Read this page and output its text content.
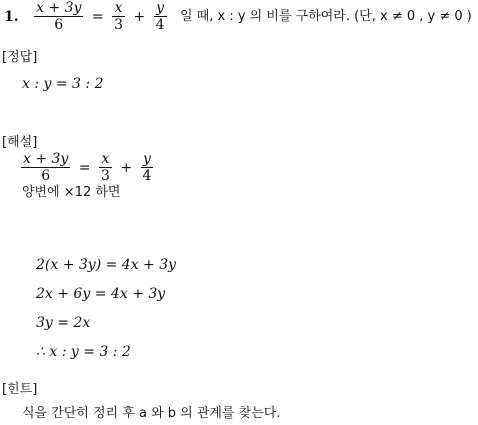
1. $\frac{x + 3y}{6} = \frac{x}{3} + \frac{y}{4}$ 일 때, x : y 의 비를 구하여라. (단, x ≠ 0 , y ≠ 0 )
[정답]
x : y = 3 : 2
[해설]
$\frac{x + 3y}{6} = \frac{x}{3} + \frac{y}{4}$
양변에 ×12 하면
2(x + 3y) = 4x + 3y
2x + 6y = 4x + 3y
3y = 2x
∴ x : y = 3 : 2
[힌트]
식을 간단히 정리 후 a 와 b 의 관계를 찾는다.
